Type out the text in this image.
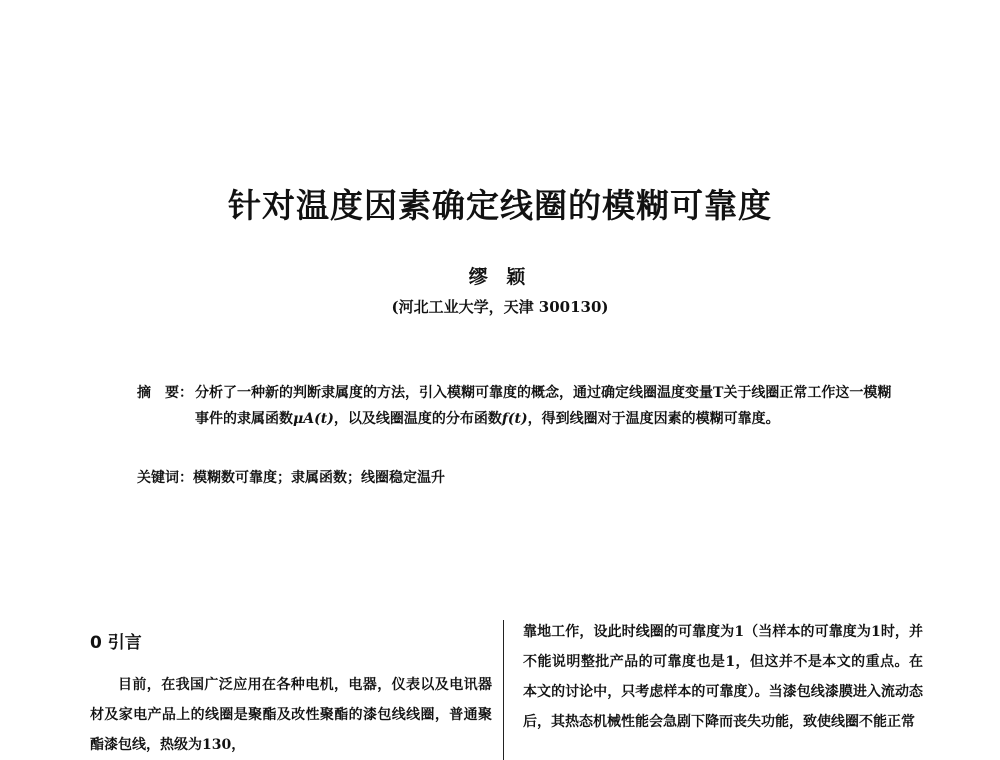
针对温度因素确定线圈的模糊可靠度
缪 颖
(河北工业大学，天津 300130)
摘　要： 分析了一种新的判断隶属度的方法，引入模糊可靠度的概念，通过确定线圈温度变量T关于线圈正常工作这一模糊事件的隶属函数μA(t)，以及线圈温度的分布函数f(t)，得到线圈对于温度因素的模糊可靠度。
关键词：模糊数可靠度；隶属函数；线圈稳定温升
0 引言

目前，在我国广泛应用在各种电机，电器，仪表以及电讯器材及家电产品上的线圈是聚酯及改性聚酯的漆包线线圈，普通聚酯漆包线，热级为130，

靠地工作，设此时线圈的可靠度为1（当样本的可靠度为1时，并不能说明整批产品的可靠度也是1，但这并不是本文的重点。在本文的讨论中，只考虑样本的可靠度）。当漆包线漆膜进入流动态后，其热态机械性能会急剧下降而丧失功能，致使线圈不能正常
